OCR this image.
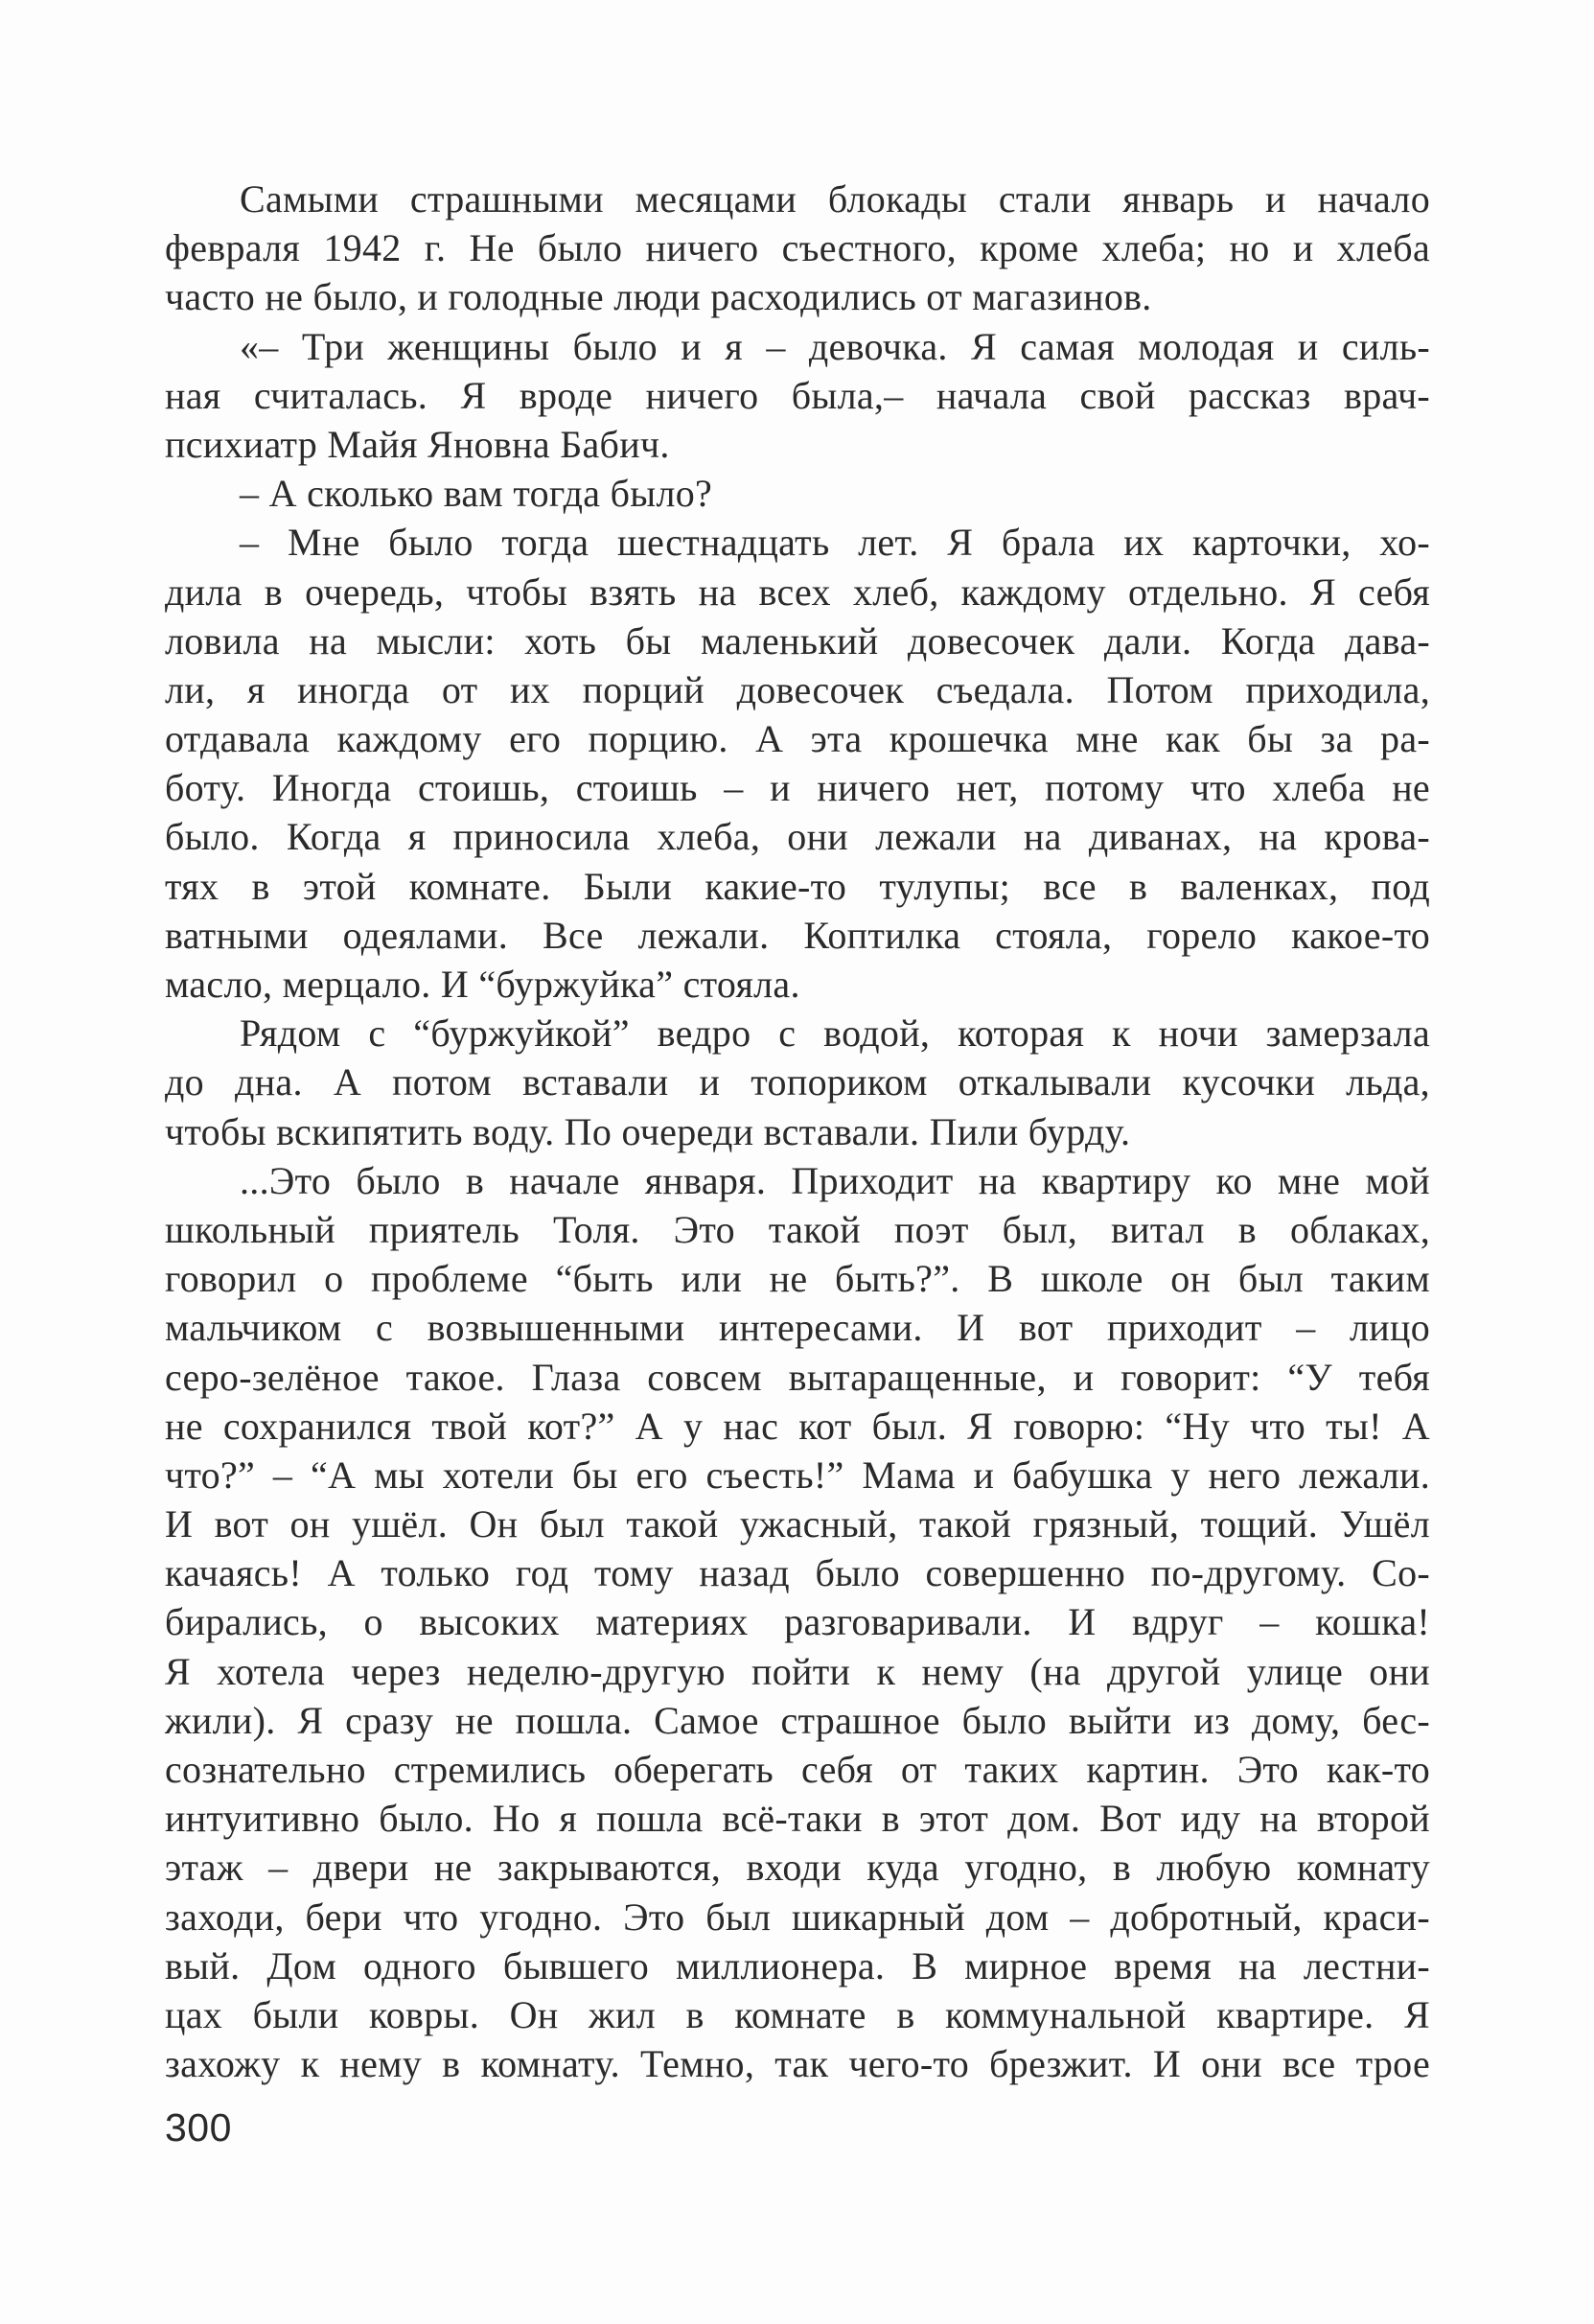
Самыми страшными месяцами блокады стали январь и начало
февраля 1942 г. Не было ничего съестного, кроме хлеба; но и хлеба
часто не было, и голодные люди расходились от магазинов.
«– Три женщины было и я – девочка. Я самая молодая и силь-
ная считалась. Я вроде ничего была,– начала свой рассказ врач-
психиатр Майя Яновна Бабич.
– А сколько вам тогда было?
– Мне было тогда шестнадцать лет. Я брала их карточки, хо-
дила в очередь, чтобы взять на всех хлеб, каждому отдельно. Я себя
ловила на мысли: хоть бы маленький довесочек дали. Когда дава-
ли, я иногда от их порций довесочек съедала. Потом приходила,
отдавала каждому его порцию. А эта крошечка мне как бы за ра-
боту. Иногда стоишь, стоишь – и ничего нет, потому что хлеба не
было. Когда я приносила хлеба, они лежали на диванах, на крова-
тях в этой комнате. Были какие-то тулупы; все в валенках, под
ватными одеялами. Все лежали. Коптилка стояла, горело какое-то
масло, мерцало. И “буржуйка” стояла.
Рядом с “буржуйкой” ведро с водой, которая к ночи замерзала
до дна. А потом вставали и топориком откалывали кусочки льда,
чтобы вскипятить воду. По очереди вставали. Пили бурду.
...Это было в начале января. Приходит на квартиру ко мне мой
школьный приятель Толя. Это такой поэт был, витал в облаках,
говорил о проблеме “быть или не быть?”. В школе он был таким
мальчиком с возвышенными интересами. И вот приходит – лицо
серо-зелёное такое. Глаза совсем вытаращенные, и говорит: “У тебя
не сохранился твой кот?” А у нас кот был. Я говорю: “Ну что ты! А
что?” – “А мы хотели бы его съесть!” Мама и бабушка у него лежали.
И вот он ушёл. Он был такой ужасный, такой грязный, тощий. Ушёл
качаясь! А только год тому назад было совершенно по-другому. Со-
бирались, о высоких материях разговаривали. И вдруг – кошка!
Я хотела через неделю-другую пойти к нему (на другой улице они
жили). Я сразу не пошла. Самое страшное было выйти из дому, бес-
сознательно стремились оберегать себя от таких картин. Это как-то
интуитивно было. Но я пошла всё-таки в этот дом. Вот иду на второй
этаж – двери не закрываются, входи куда угодно, в любую комнату
заходи, бери что угодно. Это был шикарный дом – добротный, краси-
вый. Дом одного бывшего миллионера. В мирное время на лестни-
цах были ковры. Он жил в комнате в коммунальной квартире. Я
захожу к нему в комнату. Темно, так чего-то брезжит. И они все трое
300
